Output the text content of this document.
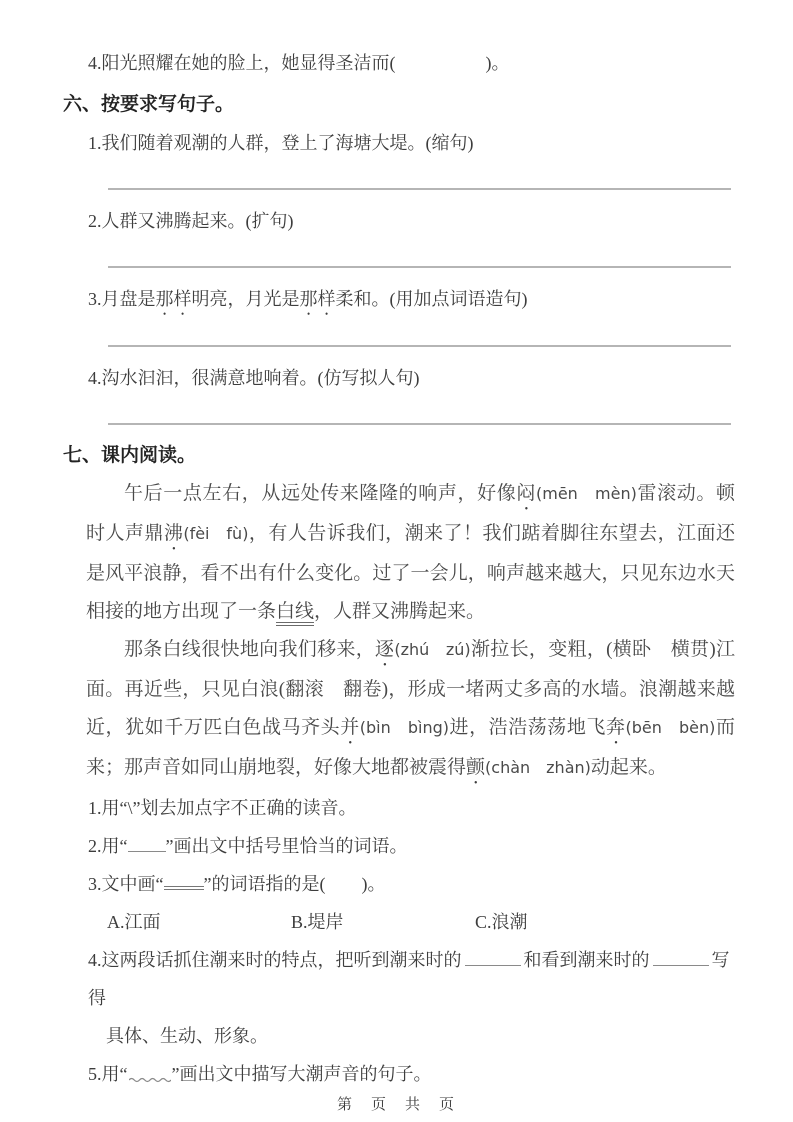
4.阳光照耀在她的脸上，她显得圣洁而(　　　　　)。
六、按要求写句子。
1.我们随着观潮的人群，登上了海塘大堤。(缩句)
2.人群又沸腾起来。(扩句)
3.月盘是那样明亮，月光是那样柔和。(用加点词语造句)
4.沟水汩汩，很满意地响着。(仿写拟人句)
七、课内阅读。

午后一点左右，从远处传来隆隆的响声，好像闷(mēn　mèn)雷滚动。顿时人声鼎沸(fèi　fù)，有人告诉我们，潮来了！我们踮着脚往东望去，江面还是风平浪静，看不出有什么变化。过了一会儿，响声越来越大，只见东边水天相接的地方出现了一条白线，人群又沸腾起来。

那条白线很快地向我们移来，逐(zhú　zú)渐拉长，变粗，(横卧　横贯)江面。再近些，只见白浪(翻滚　翻卷)，形成一堵两丈多高的水墙。浪潮越来越近，犹如千万匹白色战马齐头并(bìn　bìng)进，浩浩荡荡地飞奔(bēn　bèn)而来；那声音如同山崩地裂，好像大地都被震得颤(chàn　zhàn)动起来。

1.用“\”划去加点字不正确的读音。
2.用“ ”画出文中括号里恰当的词语。
3.文中画“ ”的词语指的是(　　)。
A.江面	B.堤岸	C.浪潮
4.这两段话抓住潮来时的特点，把听到潮来时的	和看到潮来时的	写得
具体、生动、形象。
5.用“ ”画出文中描写大潮声音的句子。
第　页　共　页
